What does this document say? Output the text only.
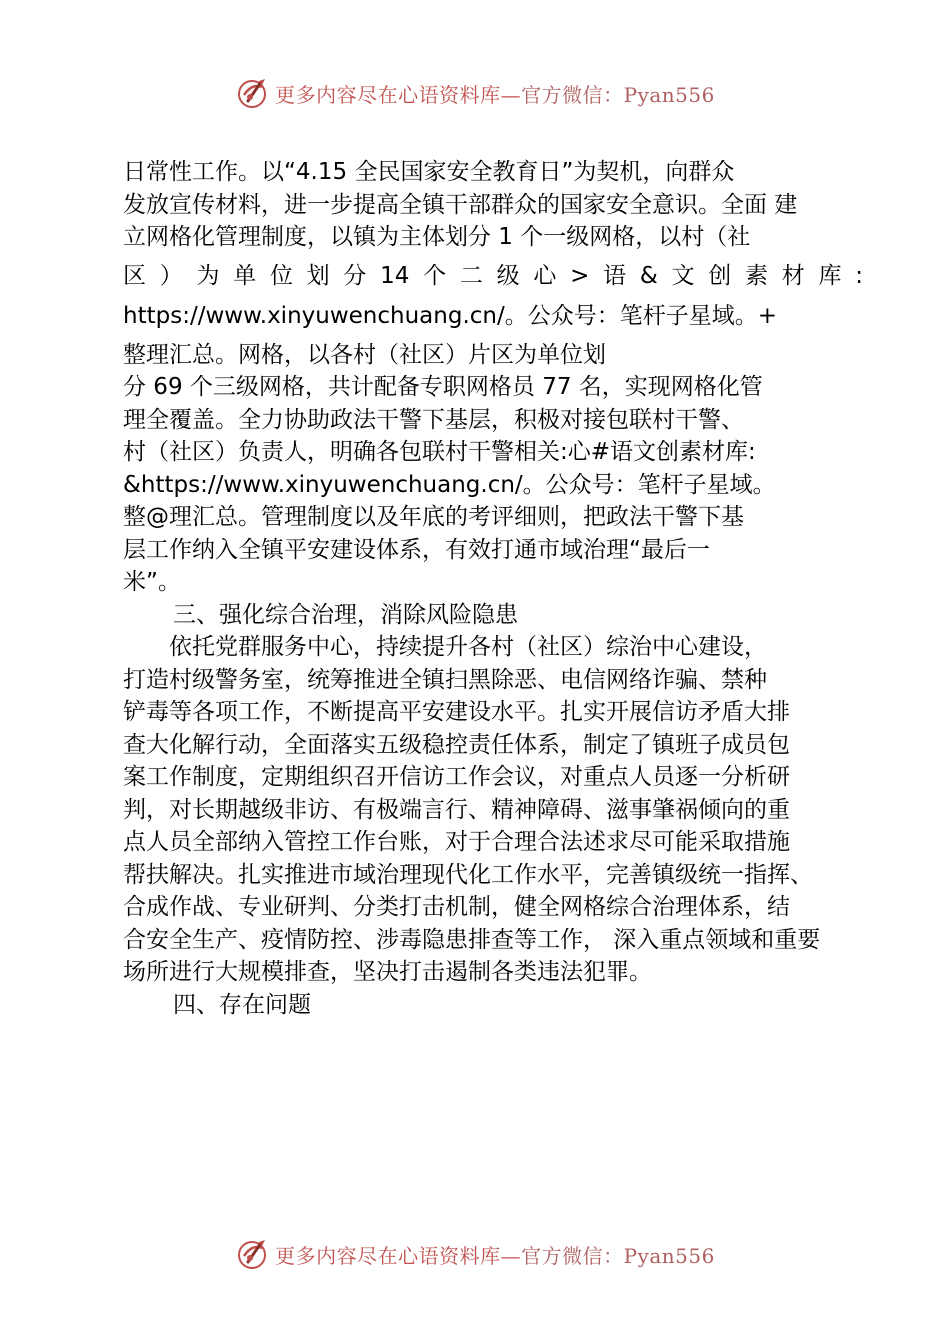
更多内容尽在心语资料库—官方微信：Pyan556

日常性工作。以“4.15 全民国家安全教育日”为契机，向群众
发放宣传材料，进一步提高全镇干部群众的国家安全意识。全面 建
立网格化管理制度，以镇为主体划分 1 个一级网格，以村（社
区 ） 为 单 位 划 分 14 个 二 级 心 > 语 & 文 创 素 材 库 :
https://www.xinyuwenchuang.cn/。公众号：笔杆子星域。+
整理汇总。网格，以各村（社区）片区为单位划
分 69 个三级网格，共计配备专职网格员 77 名，实现网格化管
理全覆盖。全力协助政法干警下基层，积极对接包联村干警、
村（社区）负责人，明确各包联村干警相关:心#语文创素材库:
&https://www.xinyuwenchuang.cn/。公众号：笔杆子星域。
整@理汇总。管理制度以及年底的考评细则，把政法干警下基
层工作纳入全镇平安建设体系，有效打通市域治理“最后一
米”。

三、强化综合治理，消除风险隐患

依托党群服务中心，持续提升各村（社区）综治中心建设，
打造村级警务室，统筹推进全镇扫黑除恶、电信网络诈骗、禁种
铲毒等各项工作，不断提高平安建设水平。扎实开展信访矛盾大排
查大化解行动，全面落实五级稳控责任体系，制定了镇班子成员包
案工作制度，定期组织召开信访工作会议，对重点人员逐一分析研
判，对长期越级非访、有极端言行、精神障碍、滋事肇祸倾向的重
点人员全部纳入管控工作台账，对于合理合法述求尽可能采取措施
帮扶解决。扎实推进市域治理现代化工作水平，完善镇级统一指挥、
合成作战、专业研判、分类打击机制，健全网格综合治理体系，结
合安全生产、疫情防控、涉毒隐患排查等工作， 深入重点领域和重要
场所进行大规模排查，坚决打击遏制各类违法犯罪。

四、存在问题

更多内容尽在心语资料库—官方微信：Pyan556
